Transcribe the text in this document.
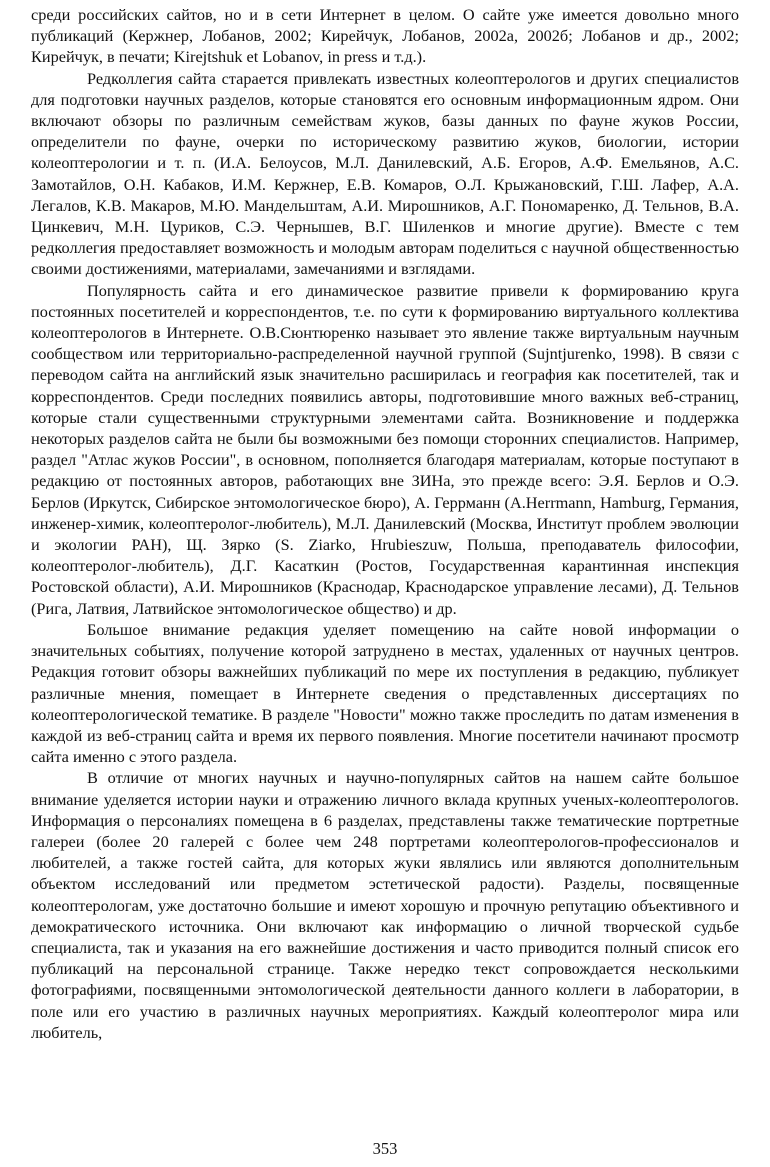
среди российских сайтов, но и в сети Интернет в целом. О сайте уже имеется довольно много публикаций (Кержнер, Лобанов, 2002; Кирейчук, Лобанов, 2002а, 2002б; Лобанов и др., 2002; Кирейчук, в печати; Kirejtshuk et Lobanov, in press и т.д.).

Редколлегия сайта старается привлекать известных колеоптерологов и других специалистов для подготовки научных разделов, которые становятся его основным информационным ядром. Они включают обзоры по различным семействам жуков, базы данных по фауне жуков России, определители по фауне, очерки по историческому развитию жуков, биологии, истории колеоптерологии и т. п. (И.А. Белоусов, М.Л. Данилевский, А.Б. Егоров, А.Ф. Емельянов, А.С. Замотайлов, О.Н. Кабаков, И.М. Кержнер, Е.В. Комаров, О.Л. Крыжановский, Г.Ш. Лафер, А.А. Легалов, К.В. Макаров, М.Ю. Мандельштам, А.И. Мирошников, А.Г. Пономаренко, Д. Тельнов, В.А. Цинкевич, М.Н. Цуриков, С.Э. Чернышев, В.Г. Шиленков и многие другие). Вместе с тем редколлегия предоставляет возможность и молодым авторам поделиться с научной общественностью своими достижениями, материалами, замечаниями и взглядами.

Популярность сайта и его динамическое развитие привели к формированию круга постоянных посетителей и корреспондентов, т.е. по сути к формированию виртуального коллектива колеоптерологов в Интернете. О.В.Сюнтюренко называет это явление также виртуальным научным сообществом или территориально-распределенной научной группой (Sujntjurenko, 1998). В связи с переводом сайта на английский язык значительно расширилась и география как посетителей, так и корреспондентов. Среди последних появились авторы, подготовившие много важных веб-страниц, которые стали существенными структурными элементами сайта. Возникновение и поддержка некоторых разделов сайта не были бы возможными без помощи сторонних специалистов. Например, раздел "Атлас жуков России", в основном, пополняется благодаря материалам, которые поступают в редакцию от постоянных авторов, работающих вне ЗИНа, это прежде всего: Э.Я. Берлов и О.Э. Берлов (Иркутск, Сибирское энтомологическое бюро), А. Геррманн (A.Herrmann, Hamburg, Германия, инженер-химик, колеоптеролог-любитель), М.Л. Данилевский (Москва, Институт проблем эволюции и экологии РАН), Щ. Зярко (S. Ziarko, Hrubieszuw, Польша, преподаватель философии, колеоптеролог-любитель), Д.Г. Касаткин (Ростов, Государственная карантинная инспекция Ростовской области), А.И. Мирошников (Краснодар, Краснодарское управление лесами), Д. Тельнов (Рига, Латвия, Латвийское энтомологическое общество) и др.

Большое внимание редакция уделяет помещению на сайте новой информации о значительных событиях, получение которой затруднено в местах, удаленных от научных центров. Редакция готовит обзоры важнейших публикаций по мере их поступления в редакцию, публикует различные мнения, помещает в Интернете сведения о представленных диссертациях по колеоптерологической тематике. В разделе "Новости" можно также проследить по датам изменения в каждой из веб-страниц сайта и время их первого появления. Многие посетители начинают просмотр сайта именно с этого раздела.

В отличие от многих научных и научно-популярных сайтов на нашем сайте большое внимание уделяется истории науки и отражению личного вклада крупных ученых-колеоптерологов. Информация о персоналиях помещена в 6 разделах, представлены также тематические портретные галереи (более 20 галерей с более чем 248 портретами колеоптерологов-профессионалов и любителей, а также гостей сайта, для которых жуки являлись или являются дополнительным объектом исследований или предметом эстетической радости). Разделы, посвященные колеоптерологам, уже достаточно большие и имеют хорошую и прочную репутацию объективного и демократического источника. Они включают как информацию о личной творческой судьбе специалиста, так и указания на его важнейшие достижения и часто приводится полный список его публикаций на персональной странице. Также нередко текст сопровождается несколькими фотографиями, посвященными энтомологической деятельности данного коллеги в лаборатории, в поле или его участию в различных научных мероприятиях. Каждый колеоптеролог мира или любитель,

353
